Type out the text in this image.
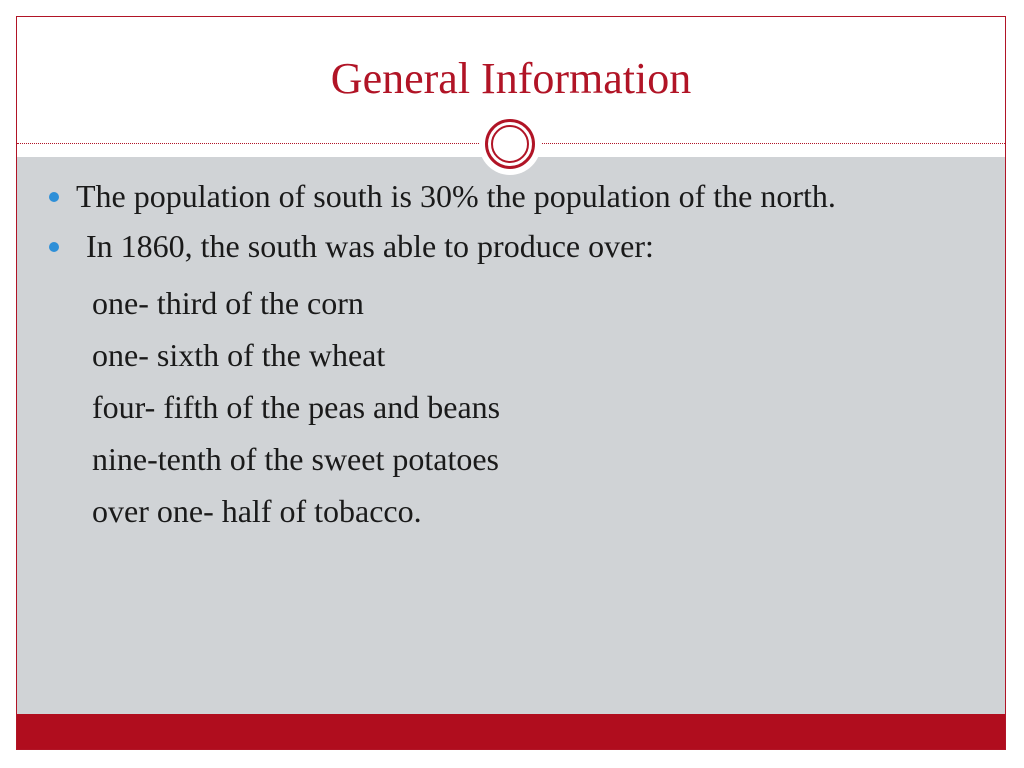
General Information
The population of south is 30% the population of the north.
In 1860, the south was able to produce over:
one- third of the corn
one- sixth of the wheat
four- fifth of the peas and beans
nine-tenth of the sweet potatoes
over one- half of tobacco.
